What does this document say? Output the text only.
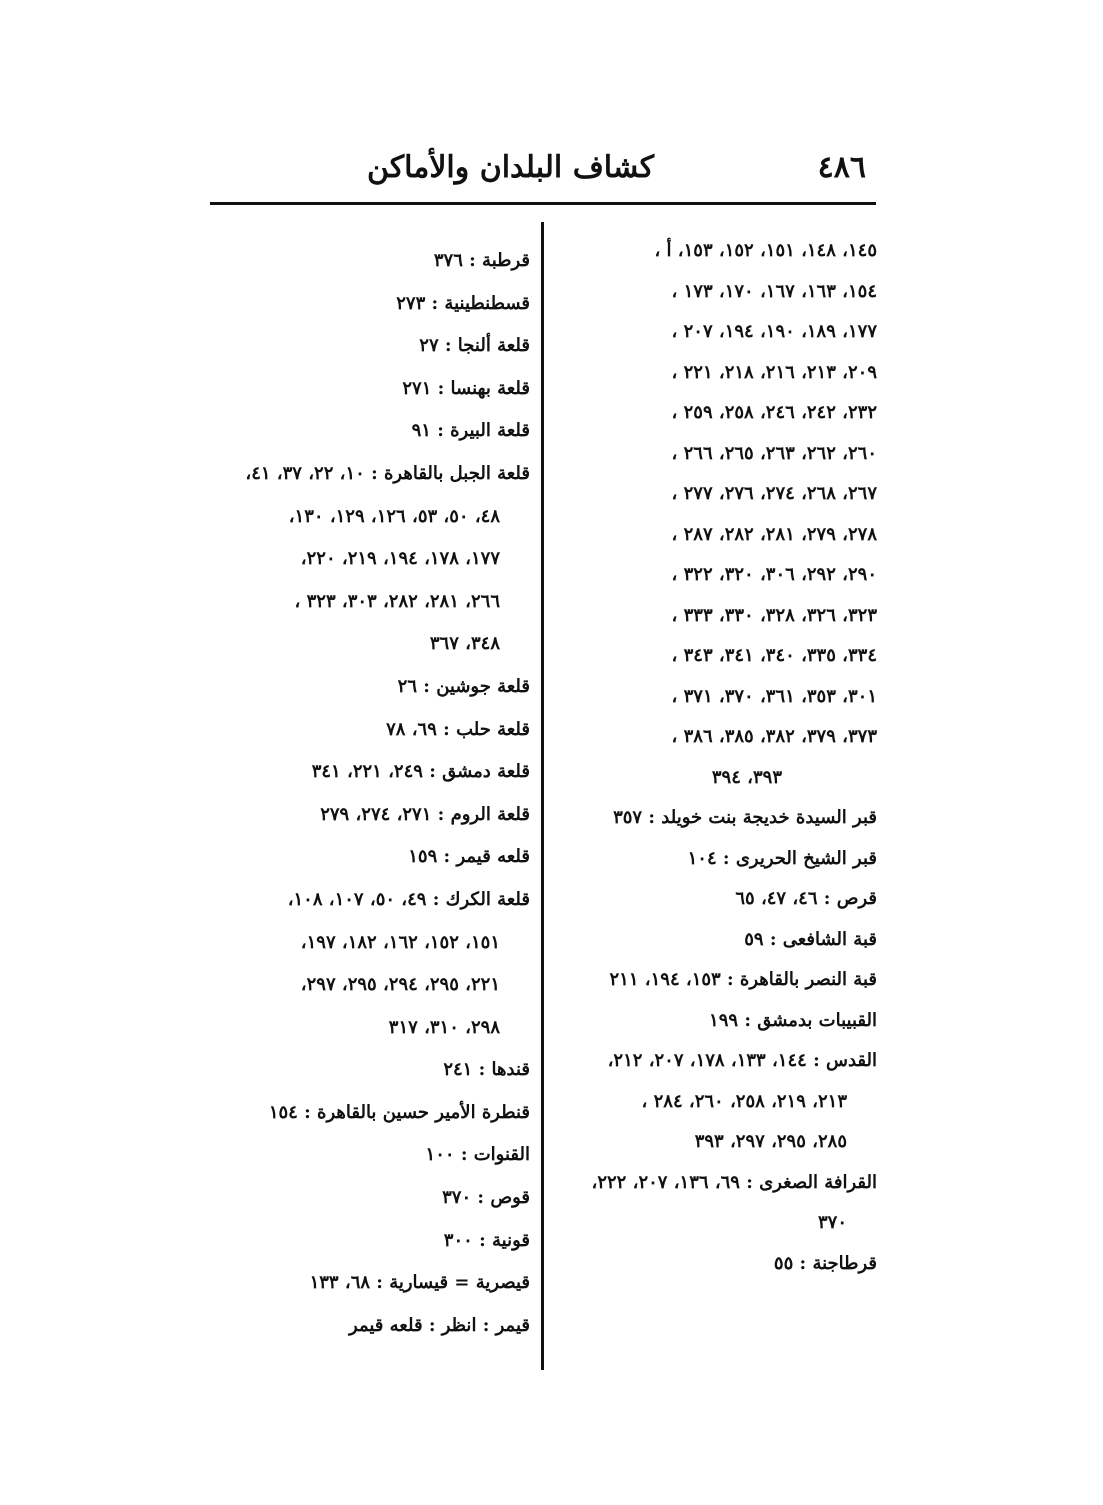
كشاف البلدان والأماكن	٤٨٦
١٤٥، ١٤٨، ١٥١، ١٥٢، ١٥٣، أ ،
١٥٤، ١٦٣، ١٦٧، ١٧٠، ١٧٣ ،
١٧٧، ١٨٩، ١٩٠، ١٩٤، ٢٠٧ ،
٢٠٩، ٢١٣، ٢١٦، ٢١٨، ٢٢١ ،
٢٣٢، ٢٤٢، ٢٤٦، ٢٥٨، ٢٥٩ ،
٢٦٠، ٢٦٢، ٢٦٣، ٢٦٥، ٢٦٦ ،
٢٦٧، ٢٦٨، ٢٧٤، ٢٧٦، ٢٧٧ ،
٢٧٨، ٢٧٩، ٢٨١، ٢٨٢، ٢٨٧ ،
٢٩٠، ٢٩٢، ٣٠٦، ٣٢٠، ٣٢٢ ،
٣٢٣، ٣٢٦، ٣٢٨، ٣٣٠، ٣٣٣ ،
٣٣٤، ٣٣٥، ٣٤٠، ٣٤١، ٣٤٣ ،
٣٠١، ٣٥٣، ٣٦١، ٣٧٠، ٣٧١ ،
٣٧٣، ٣٧٩، ٣٨٢، ٣٨٥، ٣٨٦ ،
٣٩٣، ٣٩٤
قبر السيدة خديجة بنت خويلد : ٣٥٧
قبر الشيخ الحريرى : ١٠٤
قرص : ٤٦، ٤٧، ٦٥
قبة الشافعى : ٥٩
قبة النصر بالقاهرة : ١٥٣، ١٩٤، ٢١١
القبيبات بدمشق : ١٩٩
القدس : ١٤٤، ١٣٣، ١٧٨، ٢٠٧، ٢١٢،
٢١٣، ٢١٩، ٢٥٨، ٢٦٠، ٢٨٤ ،
٢٨٥، ٢٩٥، ٢٩٧، ٣٩٣
القرافة الصغرى : ٦٩، ١٣٦، ٢٠٧، ٢٢٢،
٣٧٠
قرطاجنة : ٥٥
قرطبة : ٣٧٦
قسطنطينية : ٢٧٣
قلعة ألنجا : ٢٧
قلعة بهنسا : ٢٧١
قلعة البيرة : ٩١
قلعة الجبل بالقاهرة : ١٠، ٢٢، ٣٧، ٤١،
٤٨، ٥٠، ٥٣، ١٢٦، ١٢٩، ١٣٠،
١٧٧، ١٧٨، ١٩٤، ٢١٩، ٢٢٠،
٢٦٦، ٢٨١، ٢٨٢، ٣٠٣، ٣٢٣ ،
٣٤٨، ٣٦٧
قلعة جوشين : ٢٦
قلعة حلب : ٦٩، ٧٨
قلعة دمشق : ٢٤٩، ٢٢١، ٣٤١
قلعة الروم : ٢٧١، ٢٧٤، ٢٧٩
قلعه قيمر : ١٥٩
قلعة الكرك : ٤٩، ٥٠، ١٠٧، ١٠٨،
١٥١، ١٥٢، ١٦٢، ١٨٢، ١٩٧،
٢٢١، ٢٩٥، ٢٩٤، ٢٩٥، ٢٩٧،
٢٩٨، ٣١٠، ٣١٧
قندها : ٢٤١
قنطرة الأمير حسين بالقاهرة : ١٥٤
القنوات : ١٠٠
قوص : ٣٧٠
قونية : ٣٠٠
قيصرية = قيسارية : ٦٨، ١٣٣
قيمر : انظر : قلعه قيمر
